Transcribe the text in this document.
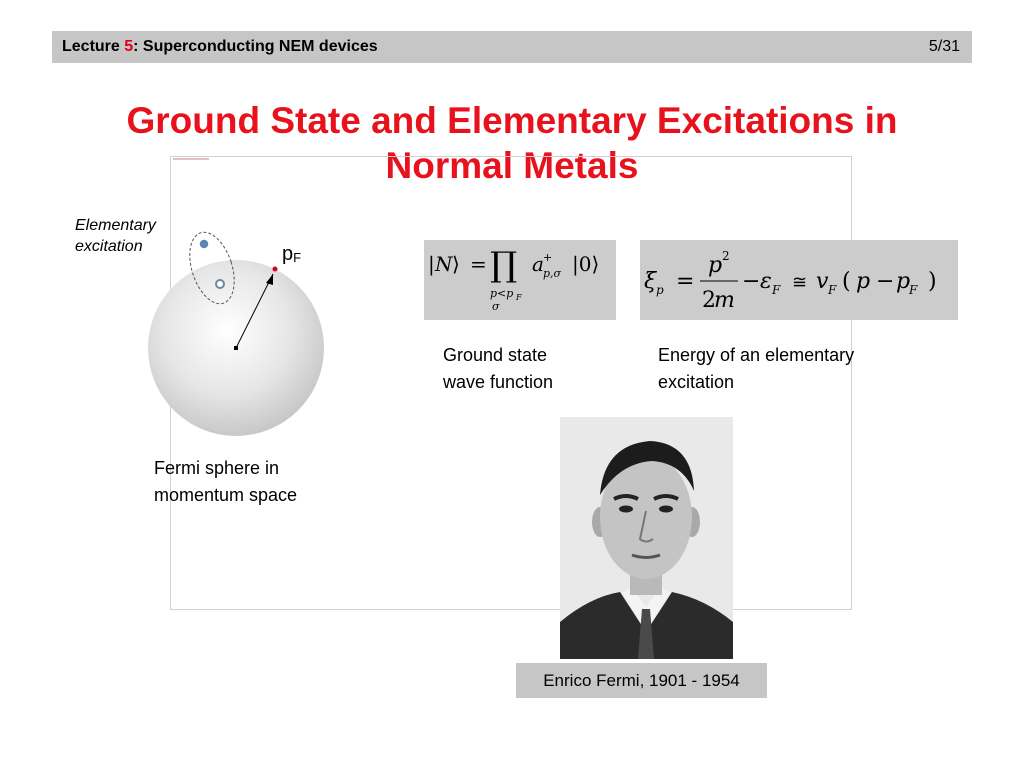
Lecture 5: Superconducting NEM devices	5/31
Ground State and Elementary Excitations in
Normal Metals
Elementary
excitation	$p_F$
Fermi sphere in
momentum space
| N ⟩ = ∏ a +
p,σ |0⟩
p<p F
σ
ξ p =
p 2
2
m
− ε F ≅ v F ( p − p
F )
Ground state
wave function
Energy of an elementary
excitation
Enrico Fermi, 1901 - 1954
